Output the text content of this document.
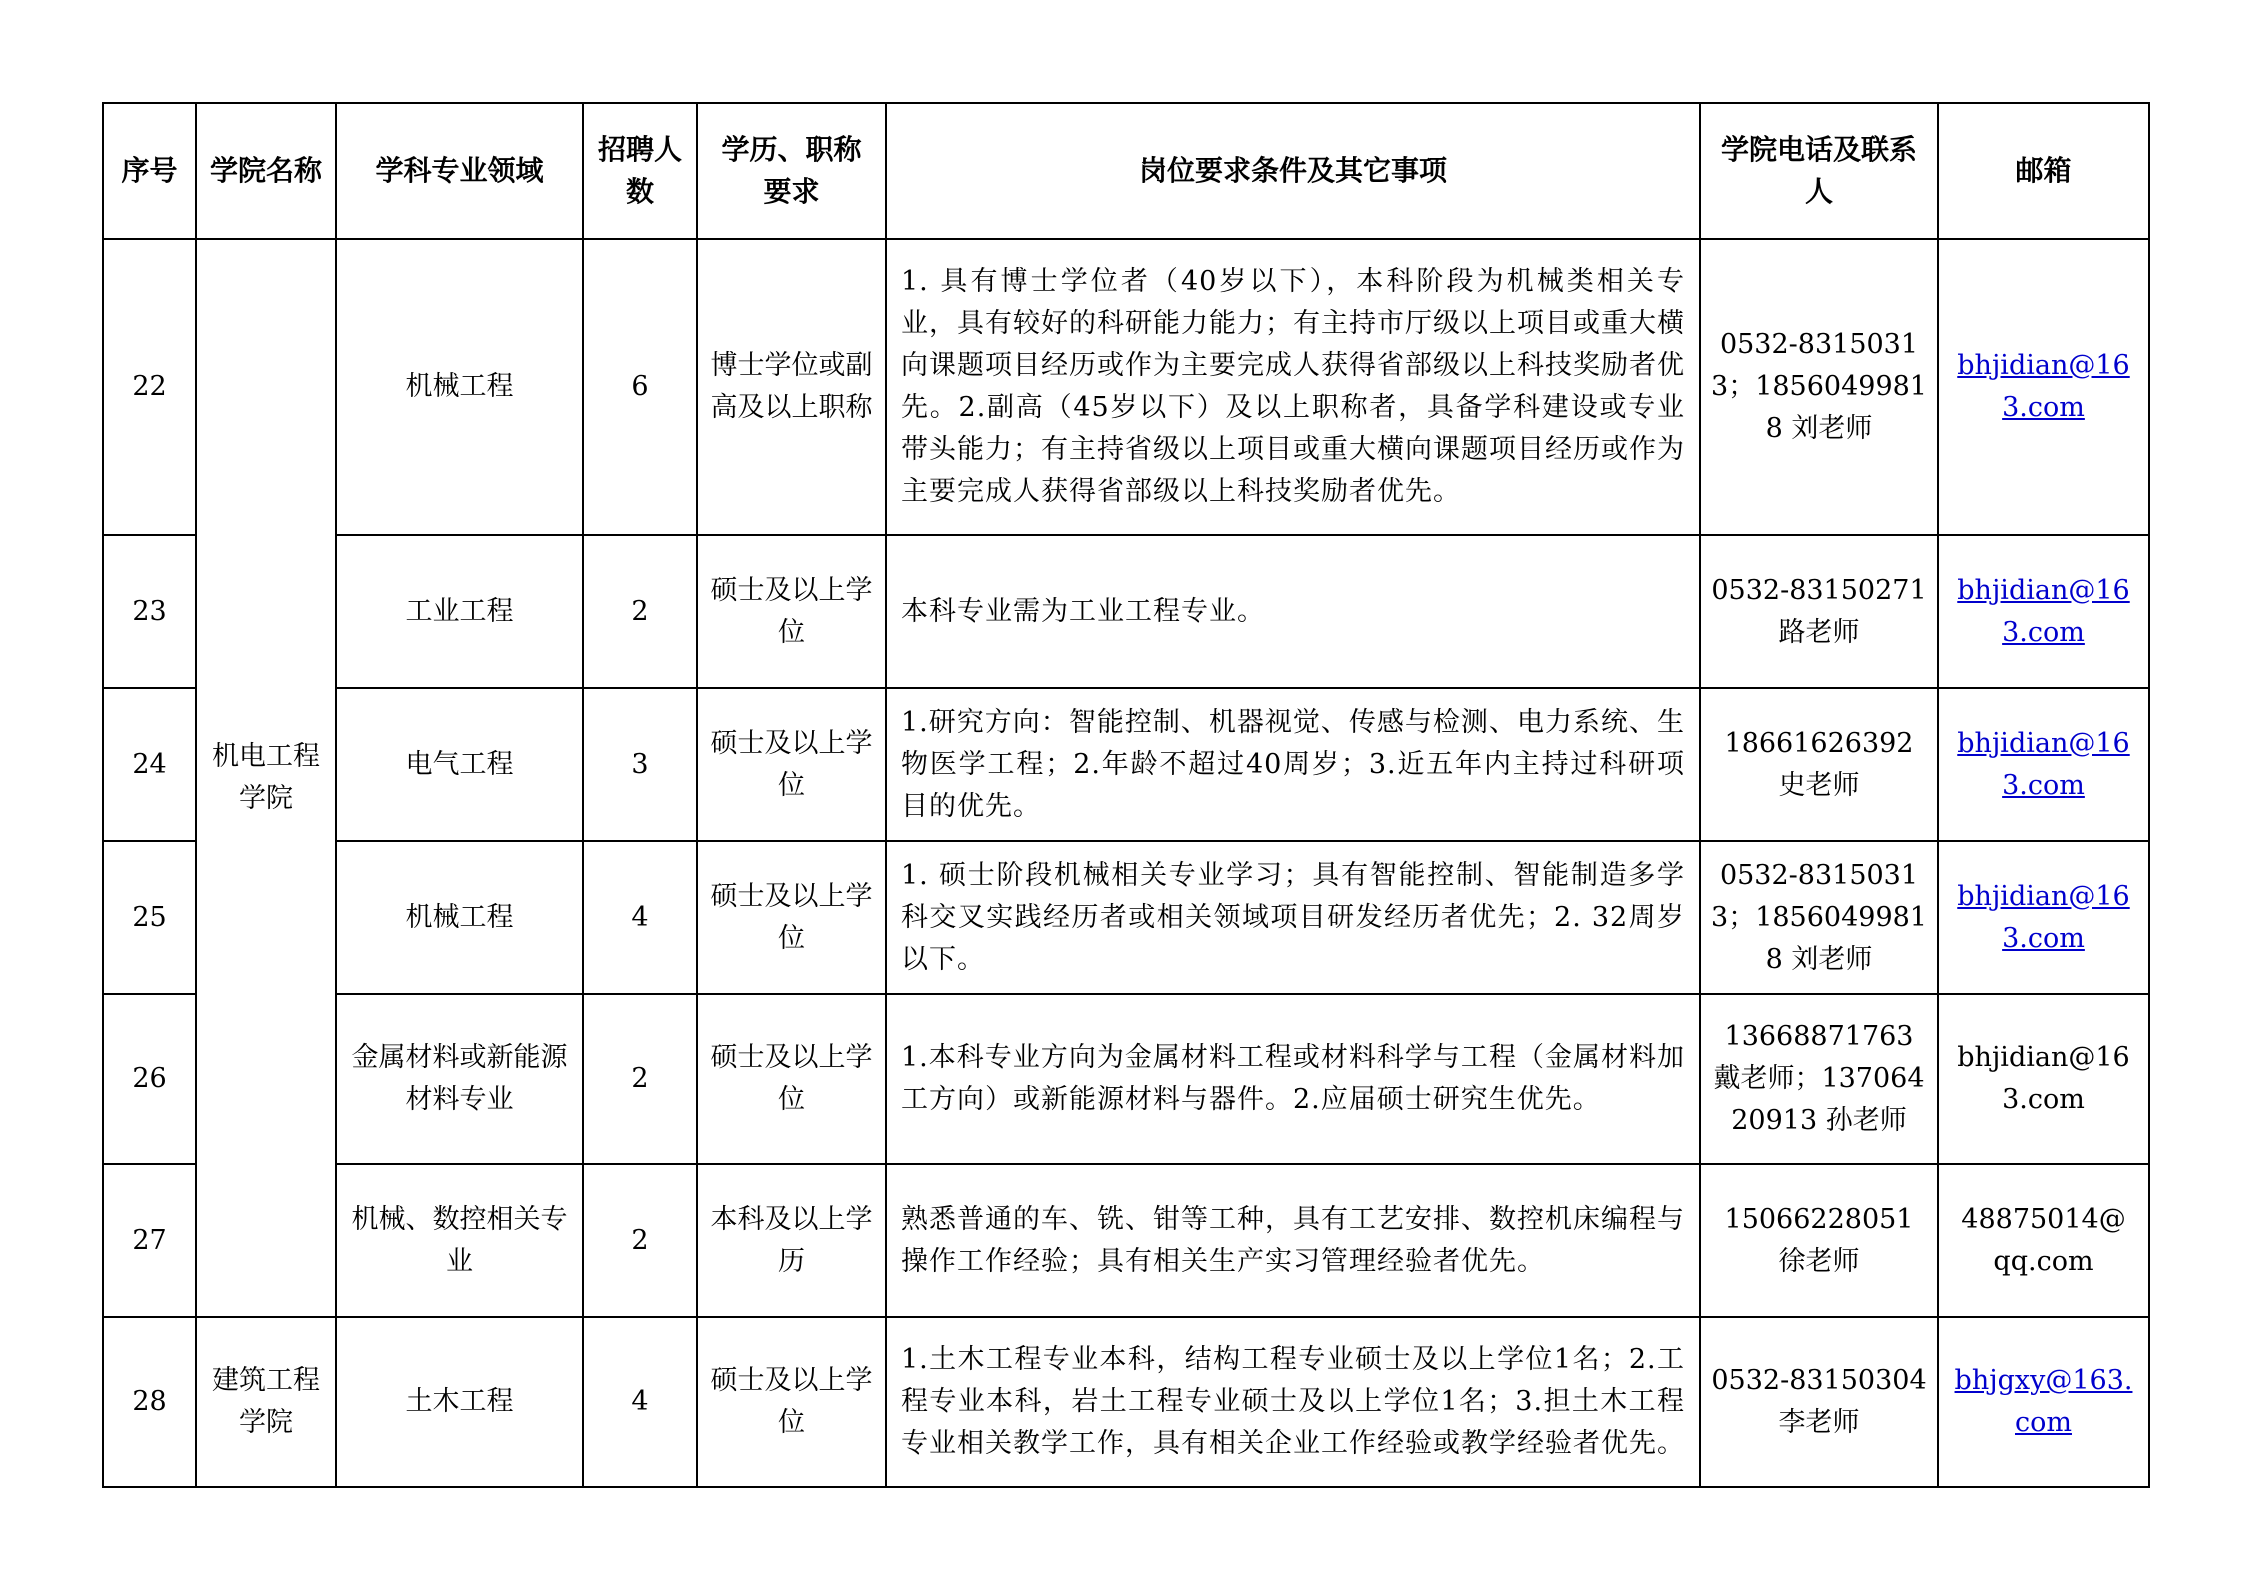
序号	学院名称	学科专业领域	招聘人数	学历、职称要求	岗位要求条件及其它事项	学院电话及联系人	邮箱
22	机电工程学院	机械工程	6	博士学位或副高及以上职称	1. 具有博士学位者（40岁以下），本科阶段为机械类相关专业，具有较好的科研能力能力；有主持市厅级以上项目或重大横向课题项目经历或作为主要完成人获得省部级以上科技奖励者优先。2.副高（45岁以下）及以上职称者，具备学科建设或专业带头能力；有主持省级以上项目或重大横向课题项目经历或作为主要完成人获得省部级以上科技奖励者优先。	0532-83150313；18560499818 刘老师	bhjidian@163.com
23		工业工程	2	硕士及以上学位	本科专业需为工业工程专业。	0532-83150271 路老师	bhjidian@163.com
24		电气工程	3	硕士及以上学位	1.研究方向：智能控制、机器视觉、传感与检测、电力系统、生物医学工程；2.年龄不超过40周岁；3.近五年内主持过科研项目的优先。	18661626392 史老师	bhjidian@163.com
25		机械工程	4	硕士及以上学位	1. 硕士阶段机械相关专业学习；具有智能控制、智能制造多学科交叉实践经历者或相关领域项目研发经历者优先；2. 32周岁以下。	0532-83150313；18560499818 刘老师	bhjidian@163.com
26		金属材料或新能源材料专业	2	硕士及以上学位	1.本科专业方向为金属材料工程或材料科学与工程（金属材料加工方向）或新能源材料与器件。2.应届硕士研究生优先。	13668871763 戴老师；13706420913 孙老师	bhjidian@163.com
27		机械、数控相关专业	2	本科及以上学历	熟悉普通的车、铣、钳等工种，具有工艺安排、数控机床编程与操作工作经验；具有相关生产实习管理经验者优先。	15066228051 徐老师	48875014@qq.com
28	建筑工程学院	土木工程	4	硕士及以上学位	1.土木工程专业本科，结构工程专业硕士及以上学位1名；2.工程专业本科，岩土工程专业硕士及以上学位1名；3.担土木工程专业相关教学工作，具有相关企业工作经验或教学经验者优先。	0532-83150304 李老师	bhjgxy@163.com
